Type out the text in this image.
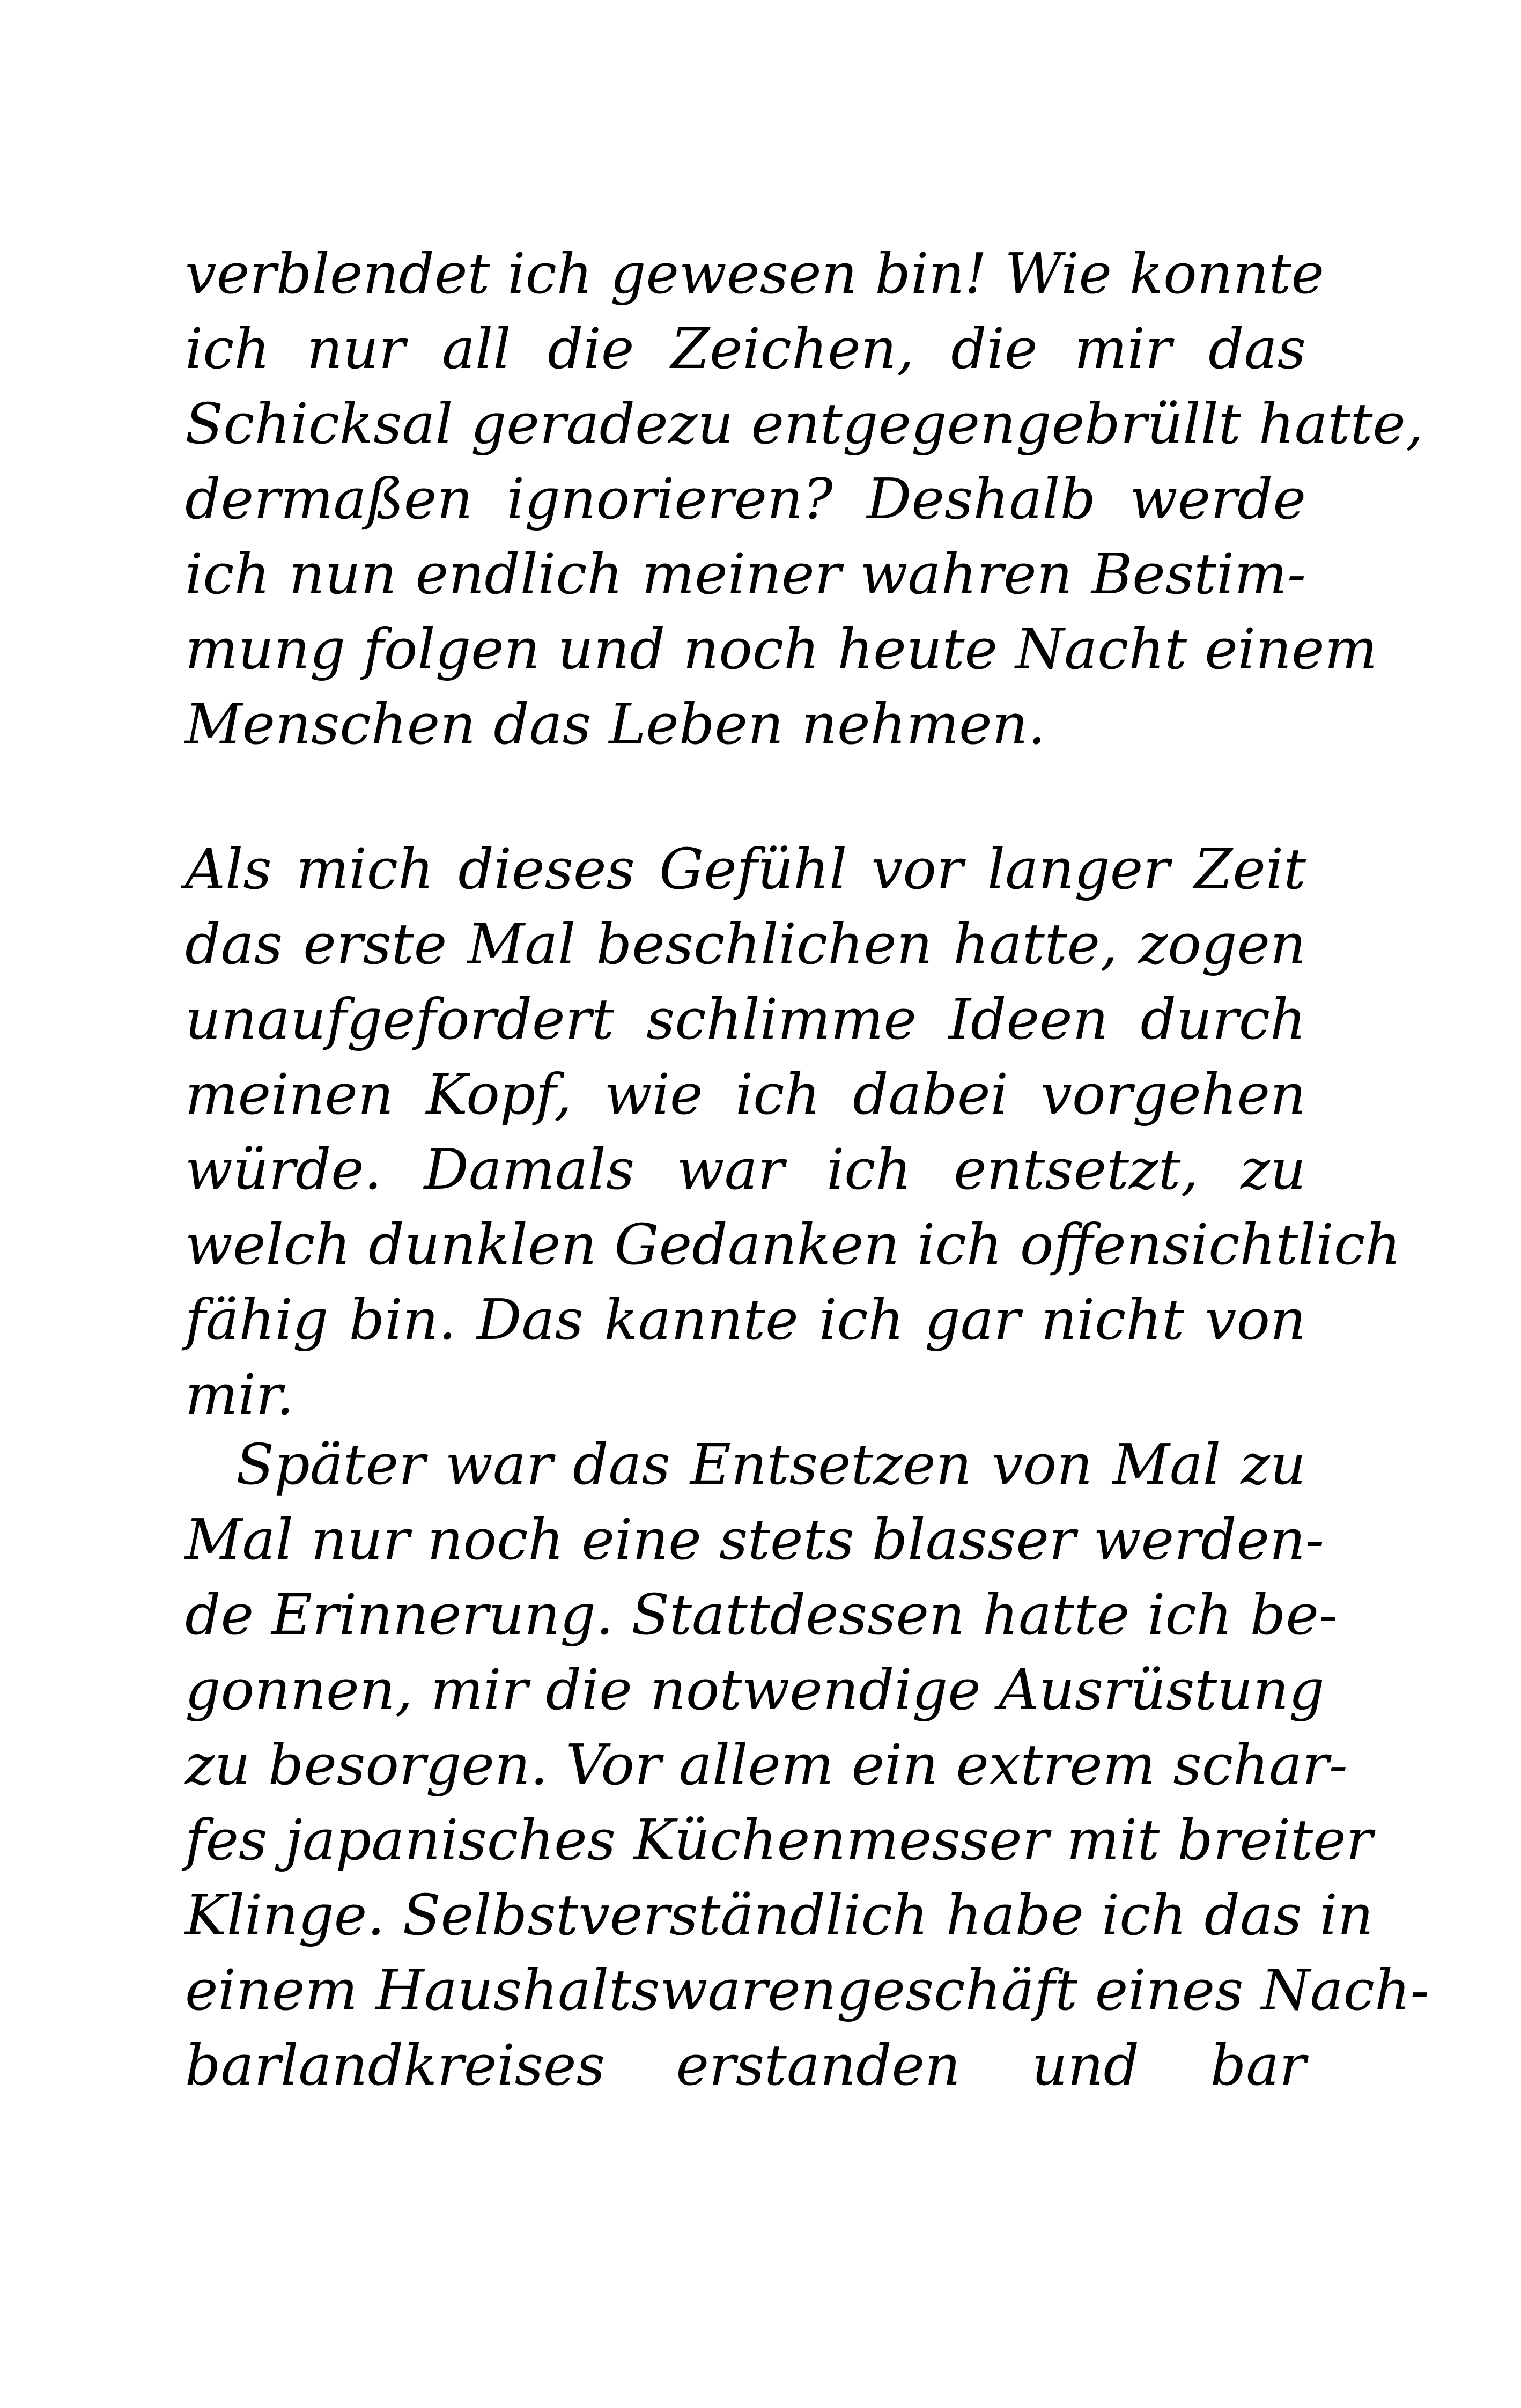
verblendet ich gewesen bin! Wie konnte
ich nur all die Zeichen, die mir das
Schicksal geradezu entgegengebrüllt hatte,
dermaßen ignorieren? Deshalb werde
ich nun endlich meiner wahren Bestim-
mung folgen und noch heute Nacht einem
Menschen das Leben nehmen.
Als mich dieses Gefühl vor langer Zeit
das erste Mal beschlichen hatte, zogen
unaufgefordert schlimme Ideen durch
meinen Kopf, wie ich dabei vorgehen
würde. Damals war ich entsetzt, zu
welch dunklen Gedanken ich offensichtlich
fähig bin. Das kannte ich gar nicht von
mir.
Später war das Entsetzen von Mal zu
Mal nur noch eine stets blasser werden-
de Erinnerung. Stattdessen hatte ich be-
gonnen, mir die notwendige Ausrüstung
zu besorgen. Vor allem ein extrem schar-
fes japanisches Küchenmesser mit breiter
Klinge. Selbstverständlich habe ich das in
einem Haushaltswarengeschäft eines Nach-
barlandkreises erstanden und bar
